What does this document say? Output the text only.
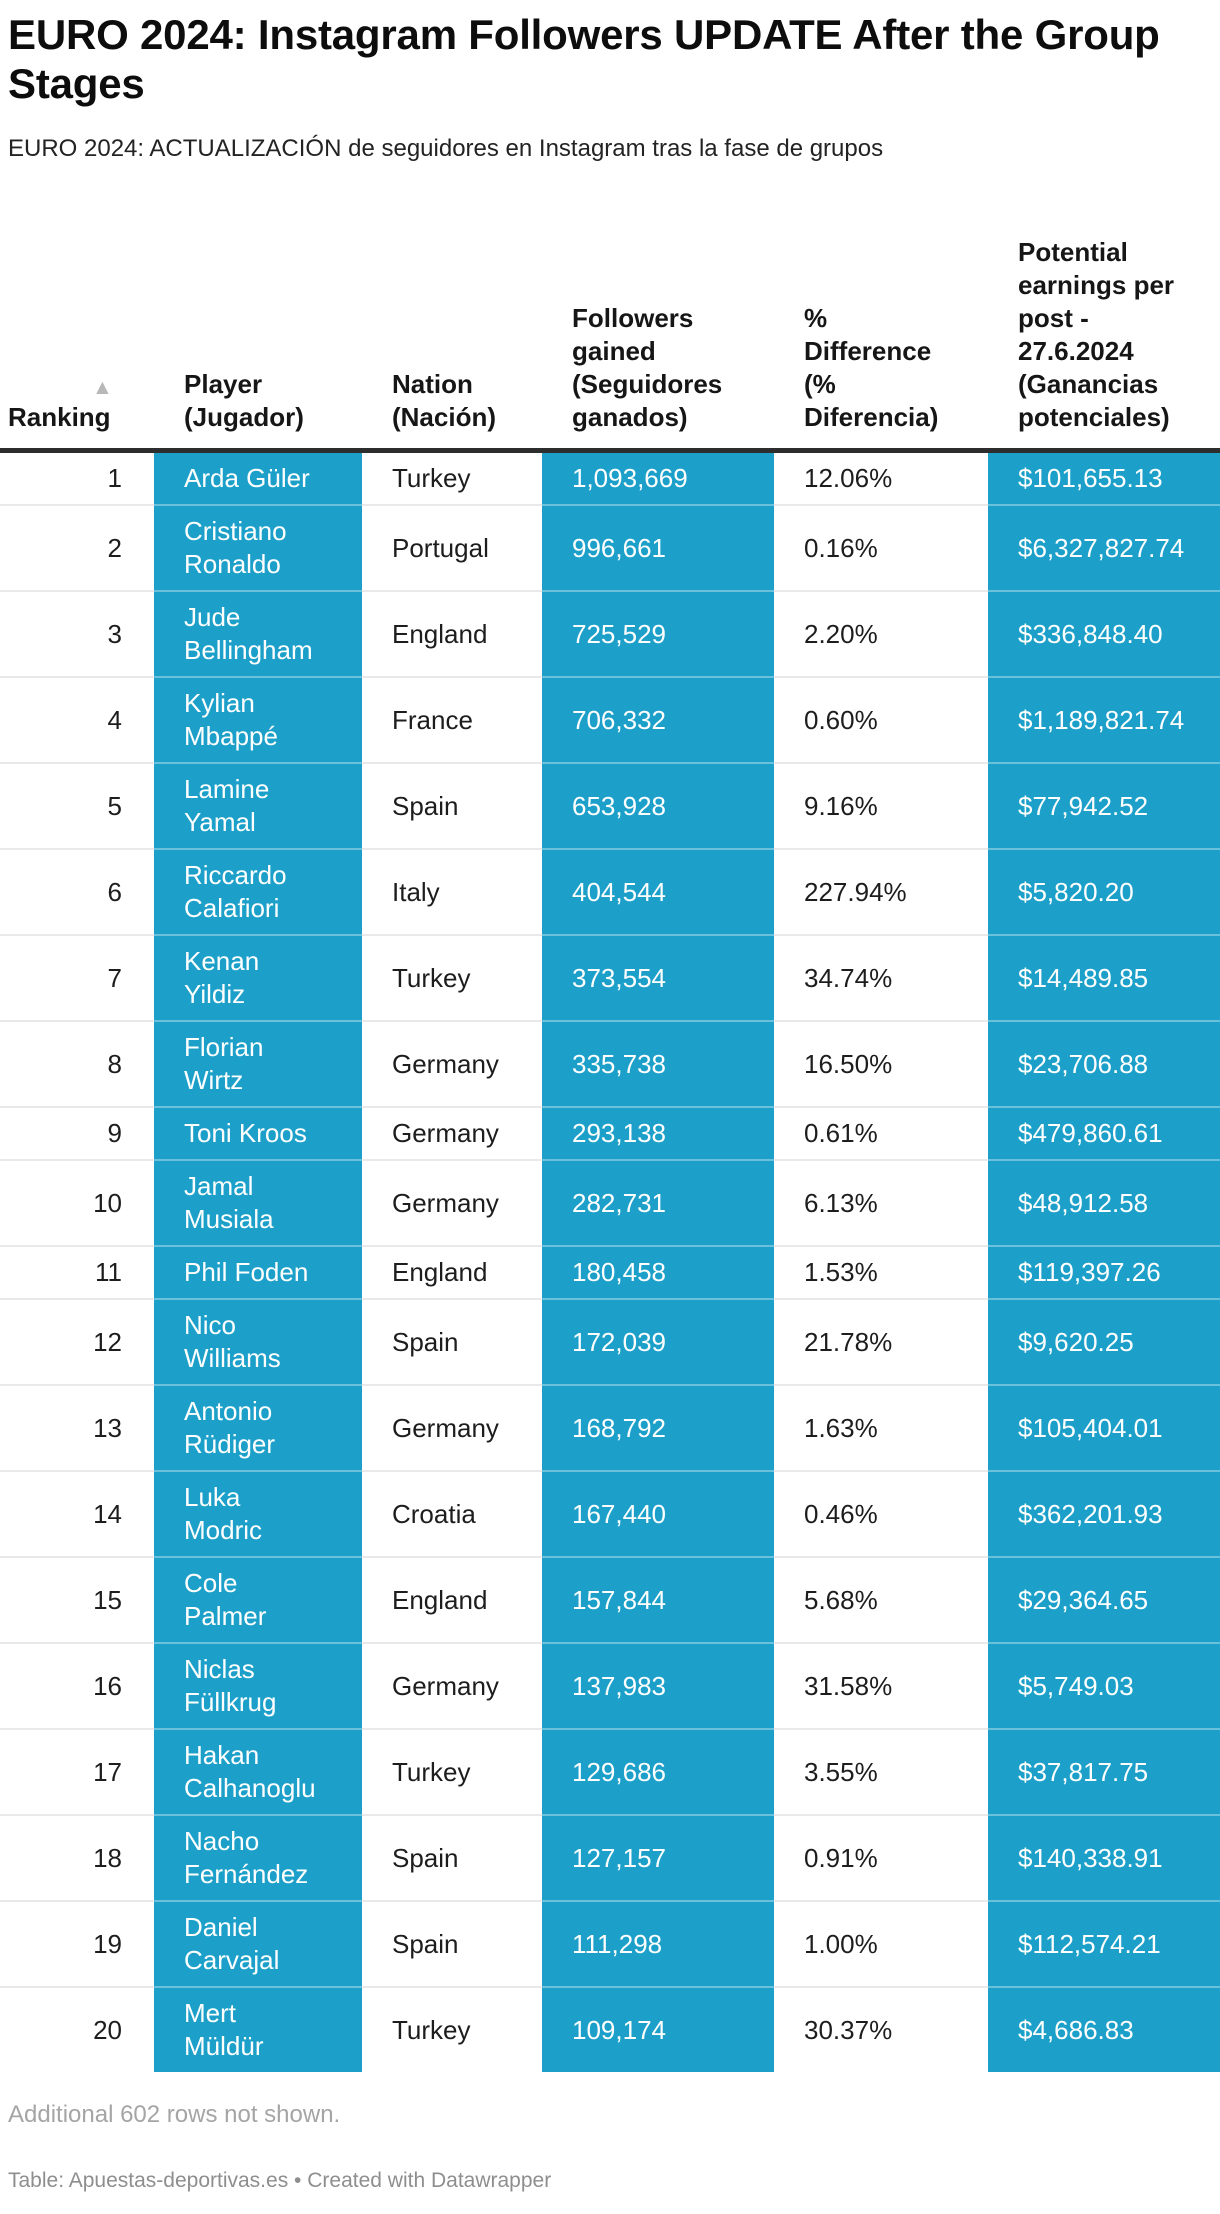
EURO 2024: Instagram Followers UPDATE After the Group Stages

EURO 2024: ACTUALIZACIÓN de seguidores en Instagram tras la fase de grupos

▲
Ranking	Player (Jugador)	Nation (Nación)	Followers gained (Seguidores ganados)	% Difference (% Diferencia)	Potential earnings per post - 27.6.2024 (Ganancias potenciales)
1	Arda Güler	Turkey	1,093,669	12.06%	$101,655.13
2	Cristiano Ronaldo	Portugal	996,661	0.16%	$6,327,827.74
3	Jude Bellingham	England	725,529	2.20%	$336,848.40
4	Kylian Mbappé	France	706,332	0.60%	$1,189,821.74
5	Lamine Yamal	Spain	653,928	9.16%	$77,942.52
6	Riccardo Calafiori	Italy	404,544	227.94%	$5,820.20
7	Kenan Yildiz	Turkey	373,554	34.74%	$14,489.85
8	Florian Wirtz	Germany	335,738	16.50%	$23,706.88
9	Toni Kroos	Germany	293,138	0.61%	$479,860.61
10	Jamal Musiala	Germany	282,731	6.13%	$48,912.58
11	Phil Foden	England	180,458	1.53%	$119,397.26
12	Nico Williams	Spain	172,039	21.78%	$9,620.25
13	Antonio Rüdiger	Germany	168,792	1.63%	$105,404.01
14	Luka Modric	Croatia	167,440	0.46%	$362,201.93
15	Cole Palmer	England	157,844	5.68%	$29,364.65
16	Niclas Füllkrug	Germany	137,983	31.58%	$5,749.03
17	Hakan Calhanoglu	Turkey	129,686	3.55%	$37,817.75
18	Nacho Fernández	Spain	127,157	0.91%	$140,338.91
19	Daniel Carvajal	Spain	111,298	1.00%	$112,574.21
20	Mert Müldür	Turkey	109,174	30.37%	$4,686.83

Additional 602 rows not shown.

Table: Apuestas-deportivas.es • Created with Datawrapper
